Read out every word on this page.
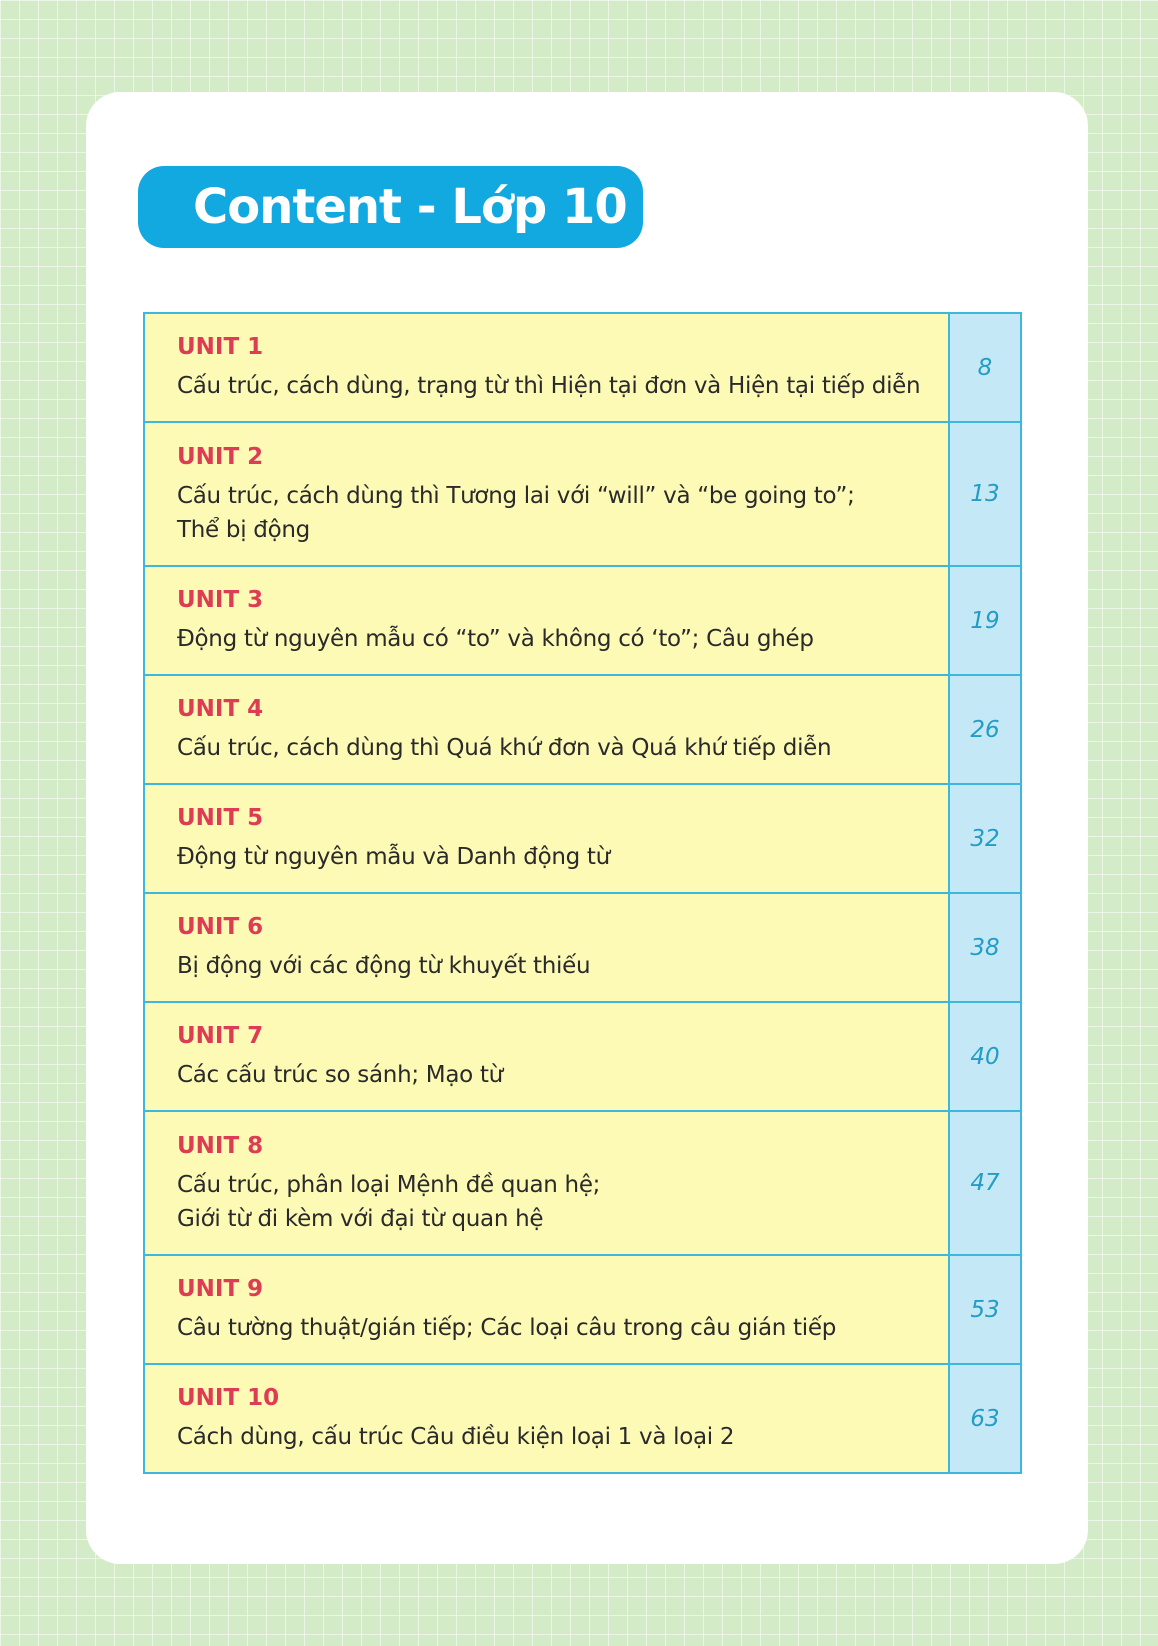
Content - Lớp 10
UNIT 1
Cấu trúc, cách dùng, trạng từ thì Hiện tại đơn và Hiện tại tiếp diễn	8

UNIT 2
Cấu trúc, cách dùng thì Tương lai với “will” và “be going to”;
Thể bị động	13

UNIT 3
Động từ nguyên mẫu có “to” và không có ‘to”; Câu ghép	19

UNIT 4
Cấu trúc, cách dùng thì Quá khứ đơn và Quá khứ tiếp diễn	26

UNIT 5
Động từ nguyên mẫu và Danh động từ	32

UNIT 6
Bị động với các động từ khuyết thiếu	38

UNIT 7
Các cấu trúc so sánh; Mạo từ	40

UNIT 8
Cấu trúc, phân loại Mệnh đề quan hệ;
Giới từ đi kèm với đại từ quan hệ	47

UNIT 9
Câu tường thuật/gián tiếp; Các loại câu trong câu gián tiếp	53

UNIT 10
Cách dùng, cấu trúc Câu điều kiện loại 1 và loại 2	63
